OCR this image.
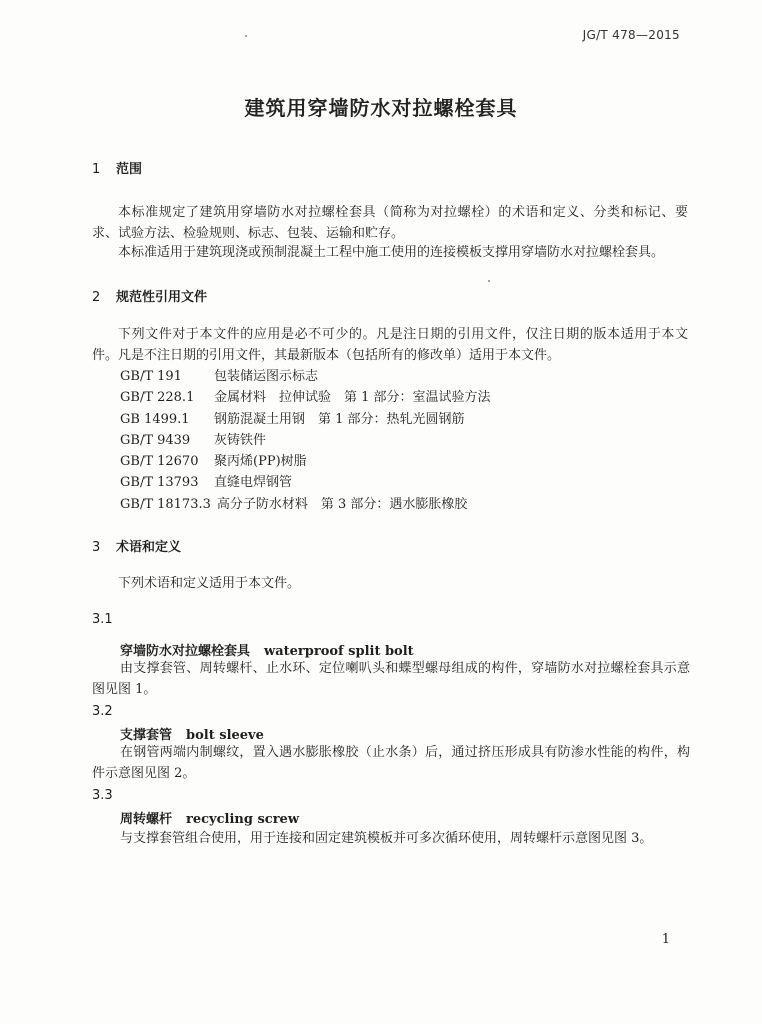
JG/T 478—2015
建筑用穿墙防水对拉螺栓套具
1 范围
本标准规定了建筑用穿墙防水对拉螺栓套具（简称为对拉螺栓）的术语和定义、分类和标记、要求、试验方法、检验规则、标志、包装、运输和贮存。
本标准适用于建筑现浇或预制混凝土工程中施工使用的连接模板支撑用穿墙防水对拉螺栓套具。
2 规范性引用文件
下列文件对于本文件的应用是必不可少的。凡是注日期的引用文件，仅注日期的版本适用于本文件。凡是不注日期的引用文件，其最新版本（包括所有的修改单）适用于本文件。
GB/T 191 包装储运图示标志
GB/T 228.1 金属材料　拉伸试验　第 1 部分：室温试验方法
GB 1499.1 钢筋混凝土用钢　第 1 部分：热轧光圆钢筋
GB/T 9439 灰铸铁件
GB/T 12670 聚丙烯(PP)树脂
GB/T 13793 直缝电焊钢管
GB/T 18173.3 高分子防水材料　第 3 部分：遇水膨胀橡胶
3 术语和定义
下列术语和定义适用于本文件。
3.1
穿墙防水对拉螺栓套具 waterproof split bolt
由支撑套管、周转螺杆、止水环、定位喇叭头和蝶型螺母组成的构件，穿墙防水对拉螺栓套具示意图见图 1。
3.2
支撑套管 bolt sleeve
在钢管两端内制螺纹，置入遇水膨胀橡胶（止水条）后，通过挤压形成具有防渗水性能的构件，构件示意图见图 2。
3.3
周转螺杆 recycling screw
与支撑套管组合使用，用于连接和固定建筑模板并可多次循环使用，周转螺杆示意图见图 3。
1
